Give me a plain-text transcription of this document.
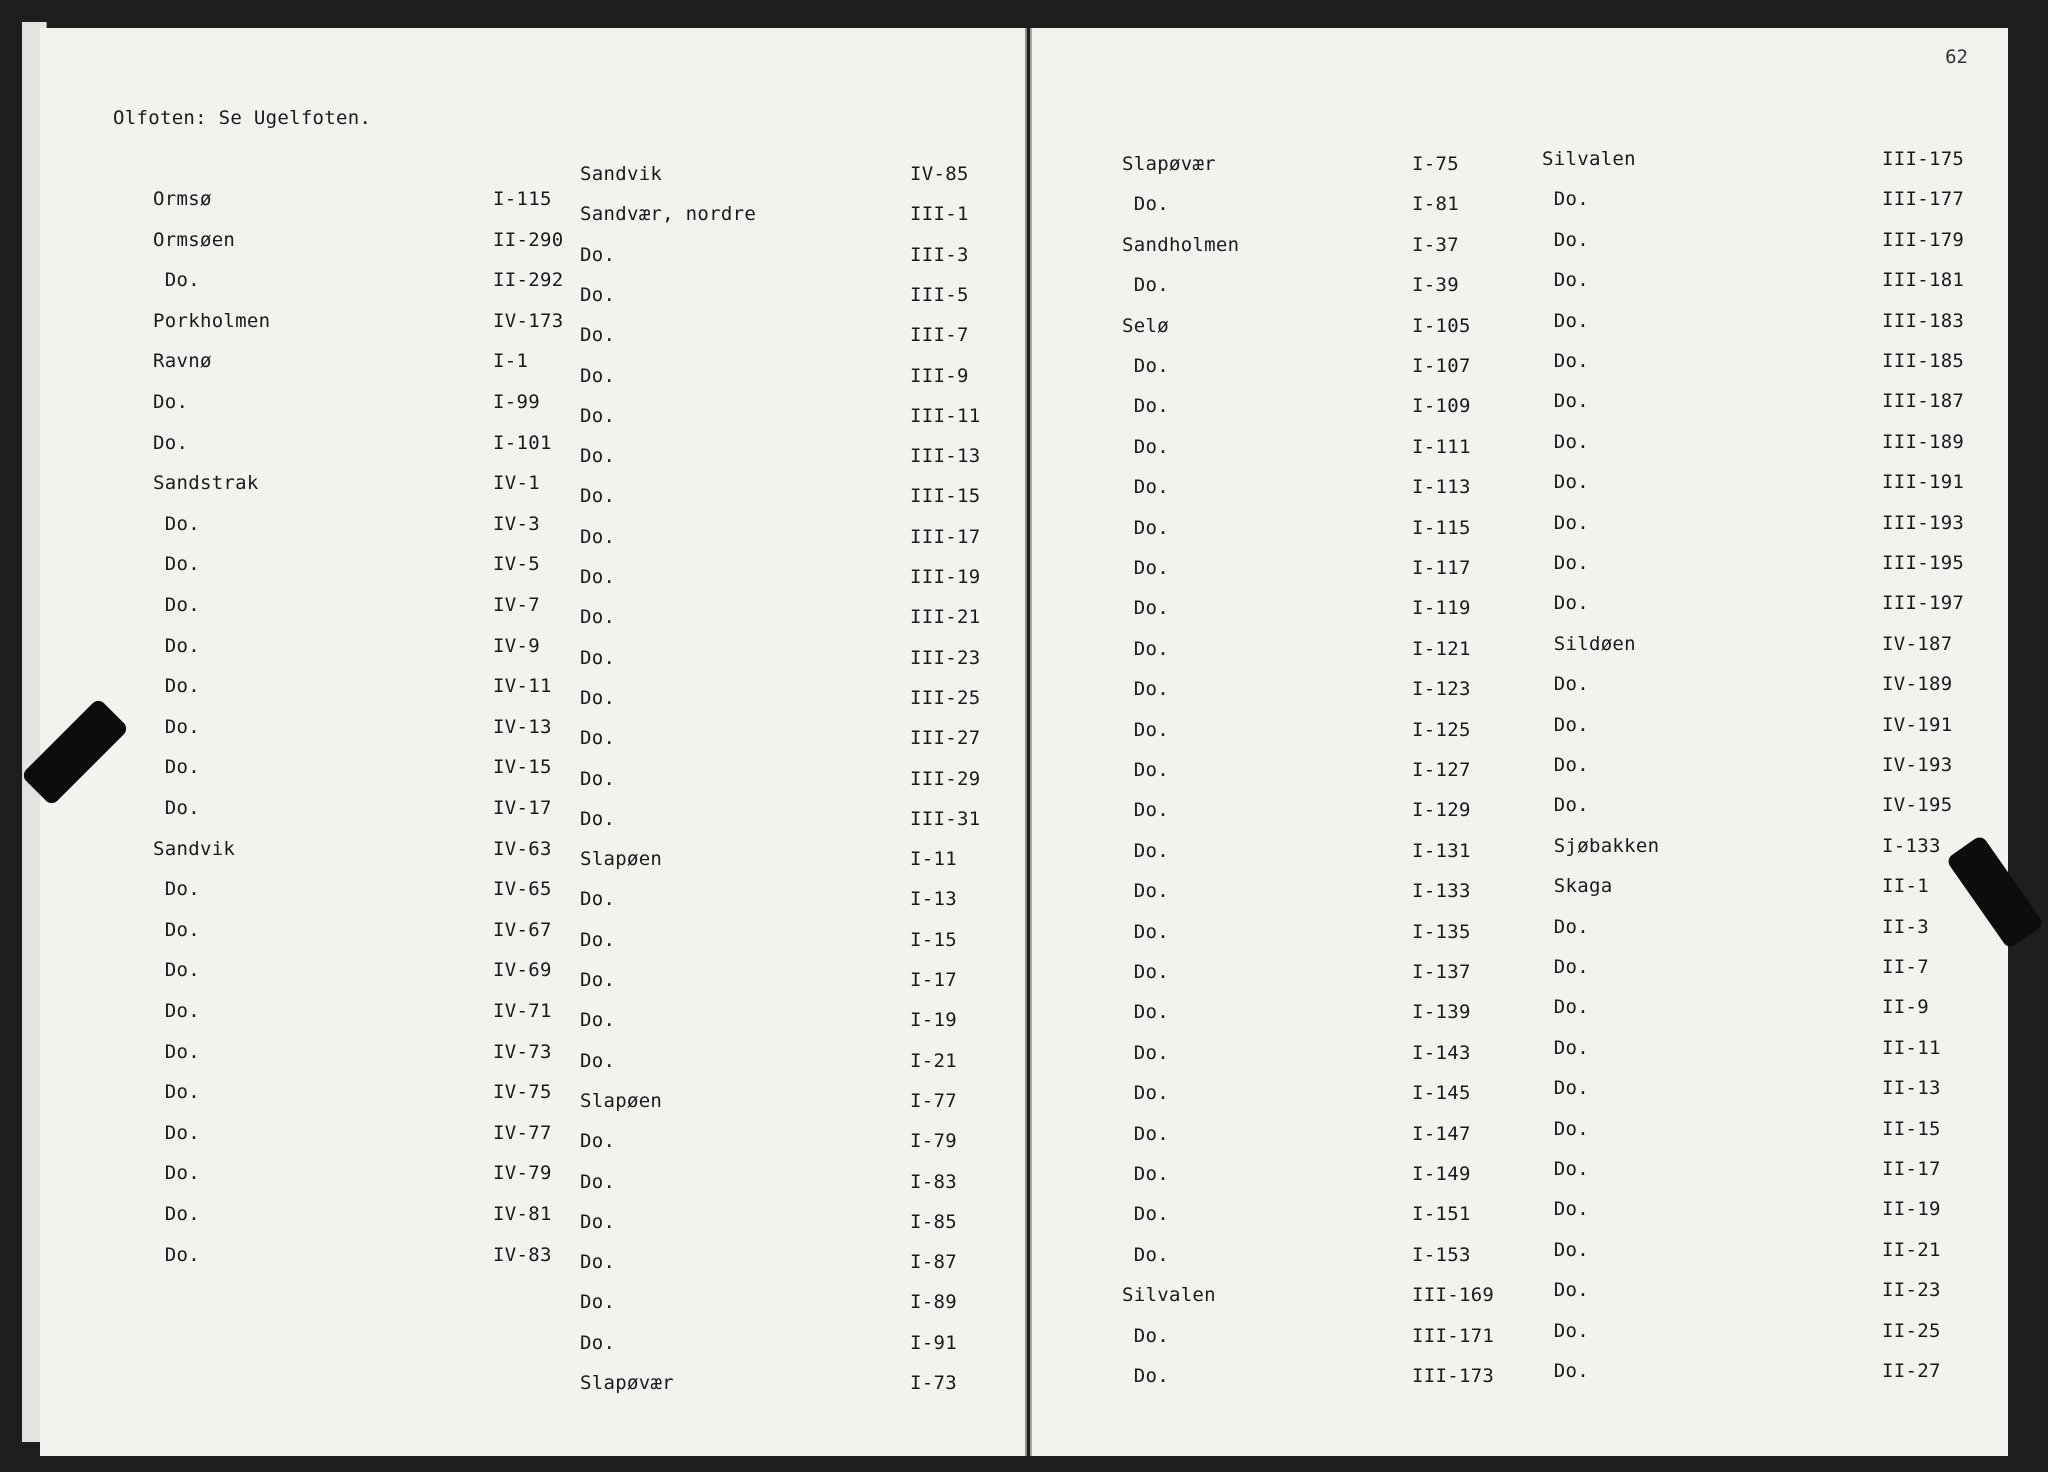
Olfoten: Se Ugelfoten.
Ormsø	I-115
Ormsøen	II-290
Do.	II-292
Porkholmen	IV-173
Ravnø	I-1
Do.	I-99
Do.	I-101
Sandstrak	IV-1
Do.	IV-3
Do.	IV-5
Do.	IV-7
Do.	IV-9
Do.	IV-11
Do.	IV-13
Do.	IV-15
Do.	IV-17
Sandvik	IV-63
Do.	IV-65
Do.	IV-67
Do.	IV-69
Do.	IV-71
Do.	IV-73
Do.	IV-75
Do.	IV-77
Do.	IV-79
Do.	IV-81
Do.	IV-83
Sandvik	IV-85
Sandvær, nordre	III-1
Do.	III-3
Do.	III-5
Do.	III-7
Do.	III-9
Do.	III-11
Do.	III-13
Do.	III-15
Do.	III-17
Do.	III-19
Do.	III-21
Do.	III-23
Do.	III-25
Do.	III-27
Do.	III-29
Do.	III-31
Slapøen	I-11
Do.	I-13
Do.	I-15
Do.	I-17
Do.	I-19
Do.	I-21
Slapøen	I-77
Do.	I-79
Do.	I-83
Do.	I-85
Do.	I-87
Do.	I-89
Do.	I-91
Slapøvær	I-73
62
Slapøvær	I-75
Do.	I-81
Sandholmen	I-37
Do.	I-39
Selø	I-105
Do.	I-107
Do.	I-109
Do.	I-111
Do.	I-113
Do.	I-115
Do.	I-117
Do.	I-119
Do.	I-121
Do.	I-123
Do.	I-125
Do.	I-127
Do.	I-129
Do.	I-131
Do.	I-133
Do.	I-135
Do.	I-137
Do.	I-139
Do.	I-143
Do.	I-145
Do.	I-147
Do.	I-149
Do.	I-151
Do.	I-153
Silvalen	III-169
Do.	III-171
Do.	III-173
Silvalen	III-175
Do.	III-177
Do.	III-179
Do.	III-181
Do.	III-183
Do.	III-185
Do.	III-187
Do.	III-189
Do.	III-191
Do.	III-193
Do.	III-195
Do.	III-197
Sildøen	IV-187
Do.	IV-189
Do.	IV-191
Do.	IV-193
Do.	IV-195
Sjøbakken	I-133
Skaga	II-1
Do.	II-3
Do.	II-7
Do.	II-9
Do.	II-11
Do.	II-13
Do.	II-15
Do.	II-17
Do.	II-19
Do.	II-21
Do.	II-23
Do.	II-25
Do.	II-27
